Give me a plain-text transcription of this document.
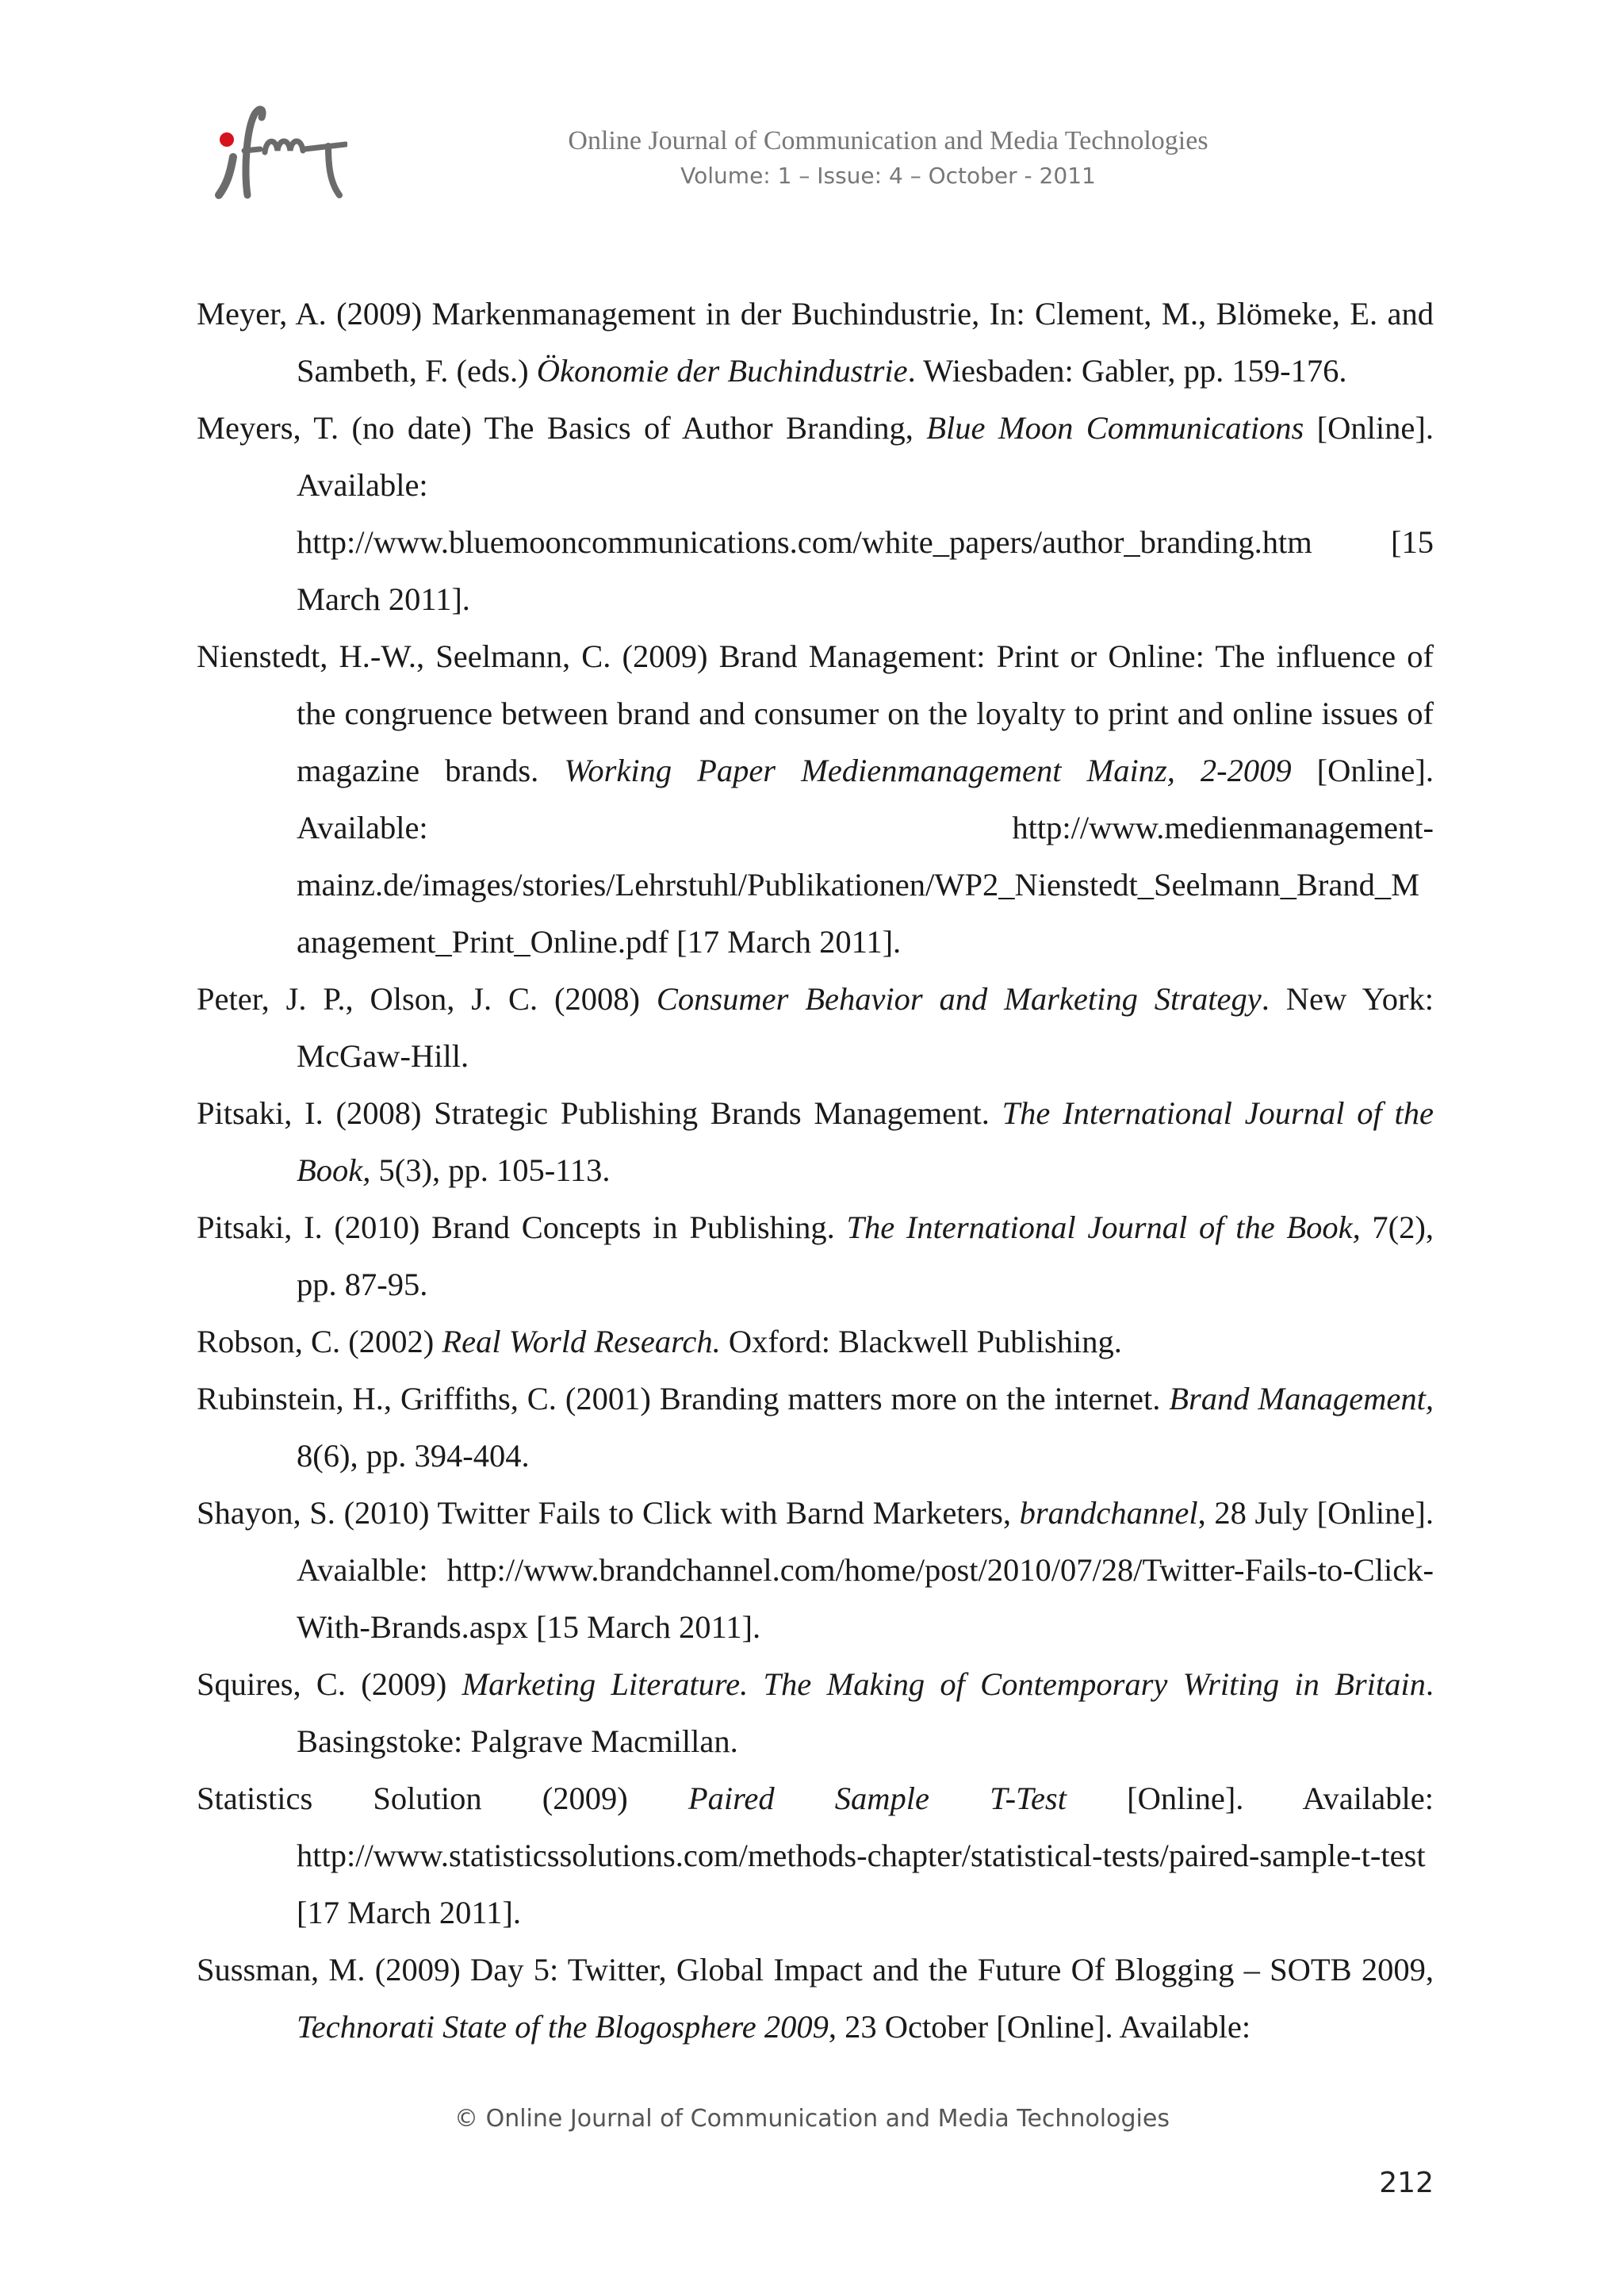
Online Journal of Communication and Media Technologies
Volume: 1 – Issue: 4 – October - 2011

Meyer, A. (2009) Markenmanagement in der Buchindustrie, In: Clement, M., Blömeke, E. and Sambeth, F. (eds.) Ökonomie der Buchindustrie. Wiesbaden: Gabler, pp. 159-176.

Meyers, T. (no date) The Basics of Author Branding, Blue Moon Communications [Online]. Available: http://www.bluemooncommunications.com/white_papers/author_branding.htm [15 March 2011].

Nienstedt, H.-W., Seelmann, C. (2009) Brand Management: Print or Online: The influence of the congruence between brand and consumer on the loyalty to print and online issues of magazine brands. Working Paper Medienmanagement Mainz, 2-2009 [Online]. Available: http://www.medienmanagement-mainz.de/images/stories/Lehrstuhl/Publikationen/WP2_Nienstedt_Seelmann_Brand_Management_Print_Online.pdf [17 March 2011].

Peter, J. P., Olson, J. C. (2008) Consumer Behavior and Marketing Strategy. New York: McGaw-Hill.

Pitsaki, I. (2008) Strategic Publishing Brands Management. The International Journal of the Book, 5(3), pp. 105-113.

Pitsaki, I. (2010) Brand Concepts in Publishing. The International Journal of the Book, 7(2), pp. 87-95.

Robson, C. (2002) Real World Research. Oxford: Blackwell Publishing.

Rubinstein, H., Griffiths, C. (2001) Branding matters more on the internet. Brand Management, 8(6), pp. 394-404.

Shayon, S. (2010) Twitter Fails to Click with Barnd Marketers, brandchannel, 28 July [Online]. Avaialble: http://www.brandchannel.com/home/post/2010/07/28/Twitter-Fails-to-Click-With-Brands.aspx [15 March 2011].

Squires, C. (2009) Marketing Literature. The Making of Contemporary Writing in Britain. Basingstoke: Palgrave Macmillan.

Statistics Solution (2009) Paired Sample T-Test [Online]. Available: http://www.statisticssolutions.com/methods-chapter/statistical-tests/paired-sample-t-test [17 March 2011].

Sussman, M. (2009) Day 5: Twitter, Global Impact and the Future Of Blogging – SOTB 2009, Technorati State of the Blogosphere 2009, 23 October [Online]. Available:

© Online Journal of Communication and Media Technologies
212
